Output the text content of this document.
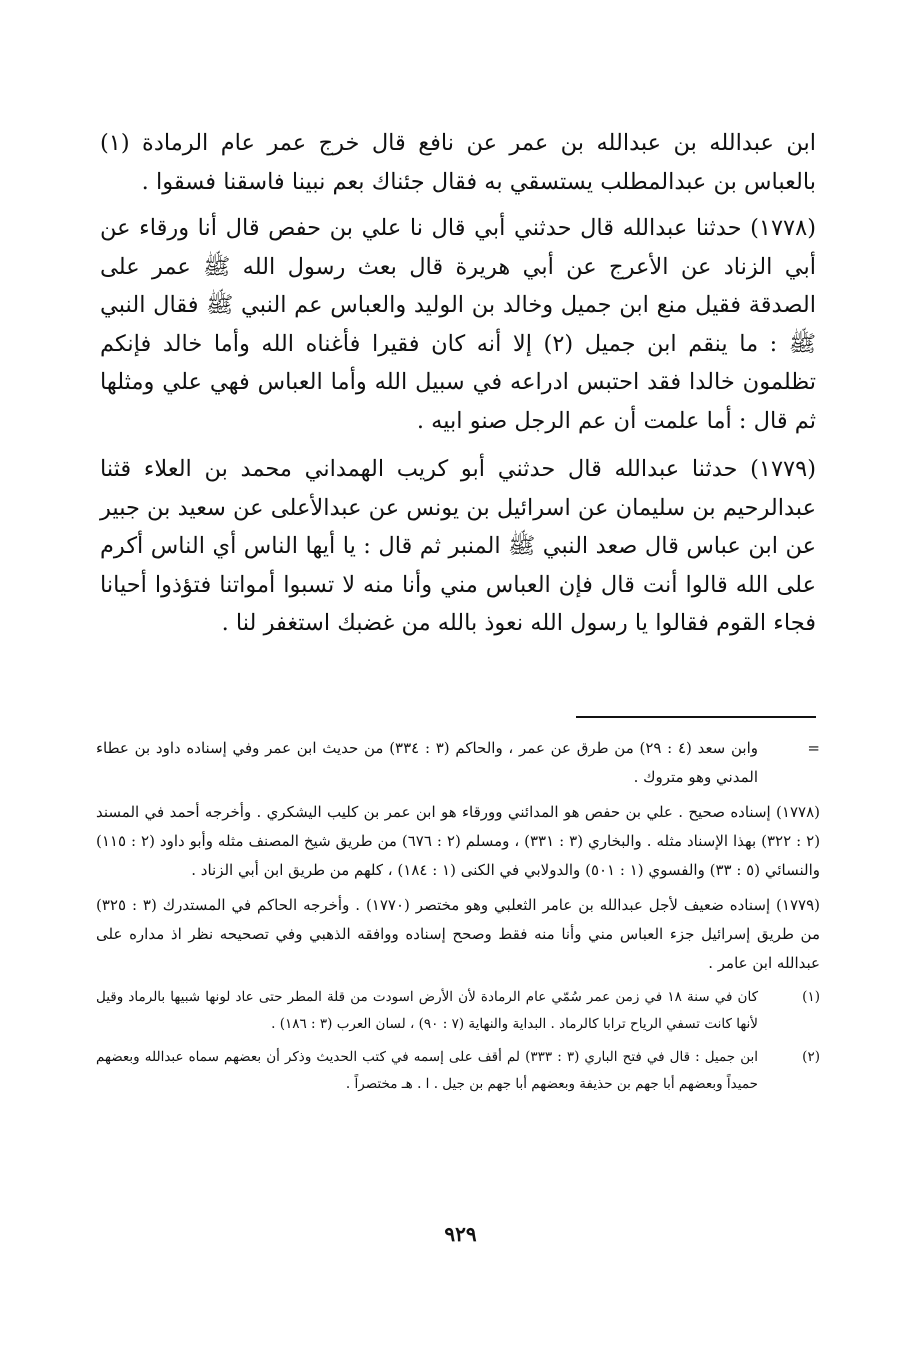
ابن عبدالله بن عبدالله بن عمر عن نافع قال خرج عمر عام الرمادة (١) بالعباس بن عبدالمطلب يستسقي به فقال جئناك بعم نبينا فاسقنا فسقوا .

(١٧٧٨) حدثنا عبدالله قال حدثني أبي قال نا علي بن حفص قال أنا ورقاء عن أبي الزناد عن الأعرج عن أبي هريرة قال بعث رسول الله ﷺ عمر على الصدقة فقيل منع ابن جميل وخالد بن الوليد والعباس عم النبي ﷺ فقال النبي ﷺ : ما ينقم ابن جميل (٢) إلا أنه كان فقيرا فأغناه الله وأما خالد فإنكم تظلمون خالدا فقد احتبس ادراعه في سبيل الله وأما العباس فهي علي ومثلها ثم قال : أما علمت أن عم الرجل صنو ابيه .

(١٧٧٩) حدثنا عبدالله قال حدثني أبو كريب الهمداني محمد بن العلاء قثنا عبدالرحيم بن سليمان عن اسرائيل بن يونس عن عبدالأعلى عن سعيد بن جبير عن ابن عباس قال صعد النبي ﷺ المنبر ثم قال : يا أيها الناس أي الناس أكرم على الله قالوا أنت قال فإن العباس مني وأنا منه لا تسبوا أمواتنا فتؤذوا أحيانا فجاء القوم فقالوا يا رسول الله نعوذ بالله من غضبك استغفر لنا .

=
وابن سعد (٤ : ٢٩) من طرق عن عمر ، والحاكم (٣ : ٣٣٤) من حديث ابن عمر وفي إسناده داود بن عطاء المدني وهو متروك .
(١٧٧٨) إسناده صحيح . علي بن حفص هو المدائني وورقاء هو ابن عمر بن كليب اليشكري . وأخرجه أحمد في المسند (٢ : ٣٢٢) بهذا الإسناد مثله . والبخاري (٣ : ٣٣١) ، ومسلم (٢ : ٦٧٦) من طريق شيخ المصنف مثله وأبو داود (٢ : ١١٥) والنسائي (٥ : ٣٣) والفسوي (١ : ٥٠١) والدولابي في الكنى (١ : ١٨٤) ، كلهم من طريق ابن أبي الزناد .
(١٧٧٩) إسناده ضعيف لأجل عبدالله بن عامر الثعلبي وهو مختصر (١٧٧٠) . وأخرجه الحاكم في المستدرك (٣ : ٣٢٥) من طريق إسرائيل جزء العباس مني وأنا منه فقط وصحح إسناده ووافقه الذهبي وفي تصحيحه نظر اذ مداره على عبدالله ابن عامر .
(١)
كان في سنة ١٨ في زمن عمر سُمّي عام الرمادة لأن الأرض اسودت من قلة المطر حتى عاد لونها شبيها بالرماد وقيل لأنها كانت تسفي الرياح ترابا كالرماد . البداية والنهاية (٧ : ٩٠) ، لسان العرب (٣ : ١٨٦) .
(٢)
ابن جميل : قال في فتح الباري (٣ : ٣٣٣) لم أقف على إسمه في كتب الحديث وذكر أن بعضهم سماه عبدالله وبعضهم حميداً وبعضهم أبا جهم بن حذيفة وبعضهم أبا جهم بن جيل . ا . هـ مختصراً .
٩٢٩
